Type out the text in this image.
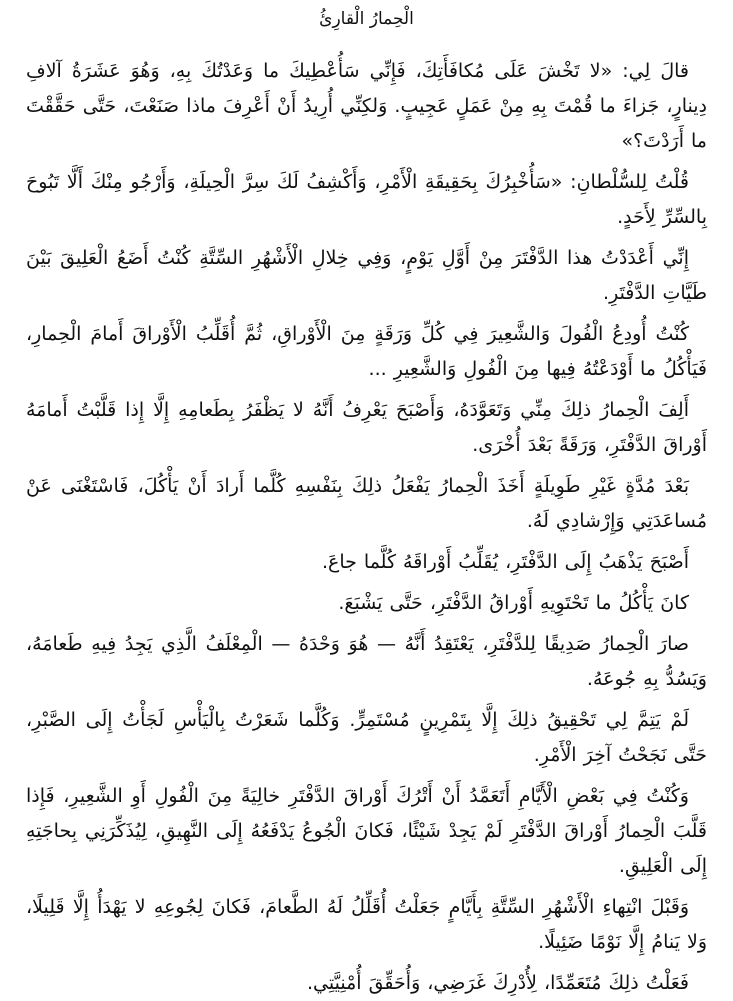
الْحِمارُ الْقارِئُ

قالَ لِي: «لا تَخْشَ عَلَى مُكافَأَتِكَ، فَإِنِّي سَأُعْطِيكَ ما وَعَدْتُكَ بِهِ، وَهُوَ عَشَرَةُ آلافِ دِينارٍ، جَزاءَ ما قُمْتَ بِهِ مِنْ عَمَلٍ عَجِيبٍ. وَلكِنِّي أُرِيدُ أَنْ أَعْرِفَ ماذا صَنَعْتَ، حَتَّى حَقَّقْتَ ما أَرَدْتَ؟»

قُلْتُ لِلسُّلْطانِ: «سَأُخْبِرُكَ بِحَقِيقَةِ الْأَمْرِ، وَأَكْشِفُ لَكَ سِرَّ الْحِيلَةِ، وَأَرْجُو مِنْكَ أَلَّا تَبُوحَ بِالسِّرِّ لِأَحَدٍ.

إِنِّي أَعْدَدْتُ هذا الدَّفْتَرَ مِنْ أَوَّلِ يَوْمٍ، وَفِي خِلالِ الْأَشْهُرِ السِّتَّةِ كُنْتُ أَضَعُ الْعَلِيقَ بَيْنَ طَيَّاتِ الدَّفْتَرِ.

كُنْتُ أُودِعُ الْفُولَ وَالشَّعِيرَ فِي كُلِّ وَرَقَةٍ مِنَ الْأَوْراقِ، ثُمَّ أُقَلِّبُ الْأَوْراقَ أَمامَ الْحِمارِ، فَيَأْكُلُ ما أَوْدَعْتُهُ فِيها مِنَ الْفُولِ وَالشَّعِيرِ ...

أَلِفَ الْحِمارُ ذلِكَ مِنِّي وَتَعَوَّدَهُ، وَأَصْبَحَ يَعْرِفُ أَنَّهُ لا يَظْفَرُ بِطَعامِهِ إِلَّا إِذا قَلَّبْتُ أَمامَهُ أَوْراقَ الدَّفْتَرِ، وَرَقَةً بَعْدَ أُخْرَى.

بَعْدَ مُدَّةٍ غَيْرِ طَوِيلَةٍ أَخَذَ الْحِمارُ يَفْعَلُ ذلِكَ بِنَفْسِهِ كُلَّما أَرادَ أَنْ يَأْكُلَ، فَاسْتَغْنَى عَنْ مُساعَدَتِي وَإِرْشادِي لَهُ.

أَصْبَحَ يَذْهَبُ إِلَى الدَّفْتَرِ، يُقَلِّبُ أَوْراقَهُ كُلَّما جاعَ.

كانَ يَأْكُلُ ما تَحْتَوِيهِ أَوْراقُ الدَّفْتَرِ، حَتَّى يَشْبَعَ.

صارَ الْحِمارُ صَدِيقًا لِلدَّفْتَرِ، يَعْتَقِدُ أَنَّهُ — هُوَ وَحْدَهُ — الْمِعْلَفُ الَّذِي يَجِدُ فِيهِ طَعامَهُ، وَيَسُدُّ بِهِ جُوعَهُ.

لَمْ يَتِمَّ لِي تَحْقِيقُ ذلِكَ إِلَّا بِتَمْرِينٍ مُسْتَمِرٍّ. وَكُلَّما شَعَرْتُ بِالْيَأْسِ لَجَأْتُ إِلَى الصَّبْرِ، حَتَّى نَجَحْتُ آخِرَ الْأَمْرِ.

وَكُنْتُ فِي بَعْضِ الْأَيَّامِ أَتَعَمَّدُ أَنْ أَتْرُكَ أَوْراقَ الدَّفْتَرِ خالِيَةً مِنَ الْفُولِ أَوِ الشَّعِيرِ، فَإِذا قَلَّبَ الْحِمارُ أَوْراقَ الدَّفْتَرِ لَمْ يَجِدْ شَيْئًا، فَكانَ الْجُوعُ يَدْفَعُهُ إِلَى النَّهِيقِ، لِيُذَكِّرَنِي بِحاجَتِهِ إِلَى الْعَلِيقِ.

وَقَبْلَ انْتِهاءِ الْأَشْهُرِ السِّتَّةِ بِأَيَّامٍ جَعَلْتُ أُقَلِّلُ لَهُ الطَّعامَ، فَكانَ لِجُوعِهِ لا يَهْدَأُ إِلَّا قَلِيلًا، وَلا يَنامُ إِلَّا نَوْمًا ضَئِيلًا.

فَعَلْتُ ذلِكَ مُتَعَمِّدًا، لِأُدْرِكَ غَرَضِي، وَأُحَقِّقَ أُمْنِيَّتِي.
